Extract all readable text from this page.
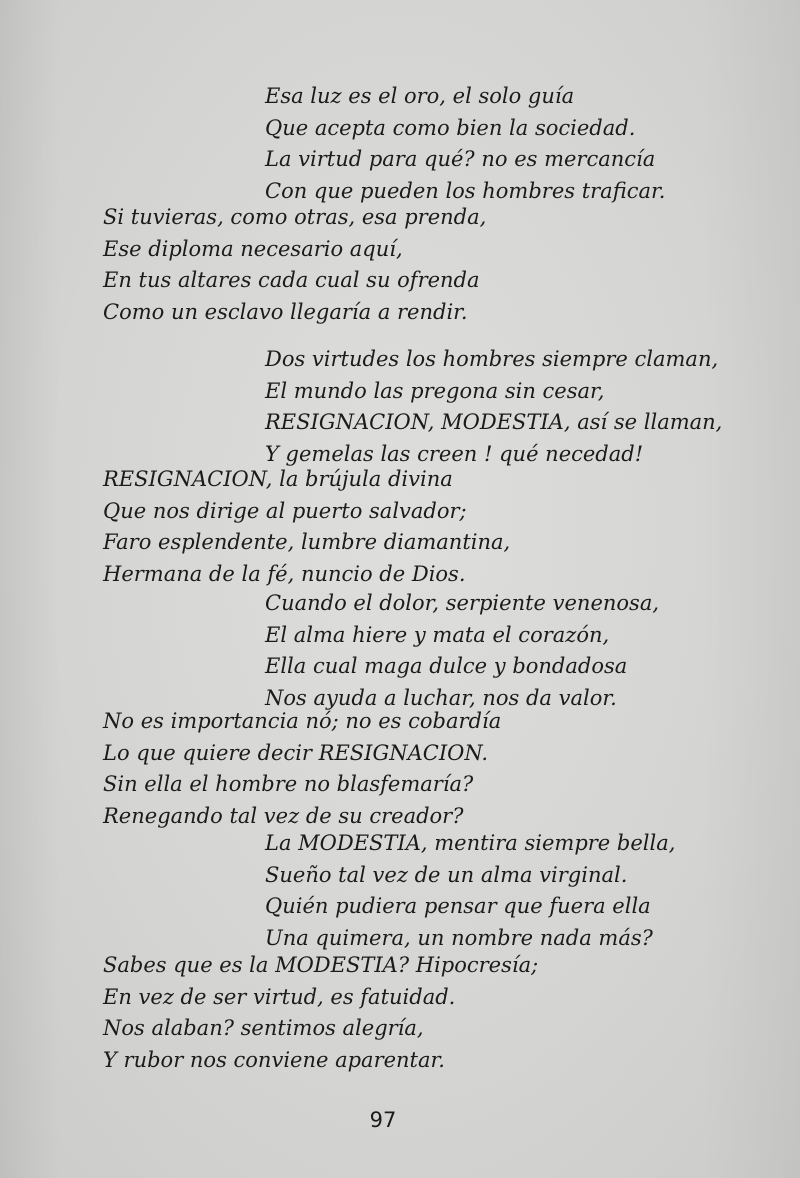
Esa luz es el oro, el solo guía
Que acepta como bien la sociedad.
La virtud para qué? no es mercancía
Con que pueden los hombres traficar.
Si tuvieras, como otras, esa prenda,
Ese diploma necesario aquí,
En tus altares cada cual su ofrenda
Como un esclavo llegaría a rendir.
Dos virtudes los hombres siempre claman,
El mundo las pregona sin cesar,
RESIGNACION, MODESTIA, así se llaman,
Y gemelas las creen ! qué necedad!
RESIGNACION, la brújula divina
Que nos dirige al puerto salvador;
Faro esplendente, lumbre diamantina,
Hermana de la fé, nuncio de Dios.
Cuando el dolor, serpiente venenosa,
El alma hiere y mata el corazón,
Ella cual maga dulce y bondadosa
Nos ayuda a luchar, nos da valor.
No es importancia nó; no es cobardía
Lo que quiere decir RESIGNACION.
Sin ella el hombre no blasfemaría?
Renegando tal vez de su creador?
La MODESTIA, mentira siempre bella,
Sueño tal vez de un alma virginal.
Quién pudiera pensar que fuera ella
Una quimera, un nombre nada más?
Sabes que es la MODESTIA? Hipocresía;
En vez de ser virtud, es fatuidad.
Nos alaban? sentimos alegría,
Y rubor nos conviene aparentar.
97
